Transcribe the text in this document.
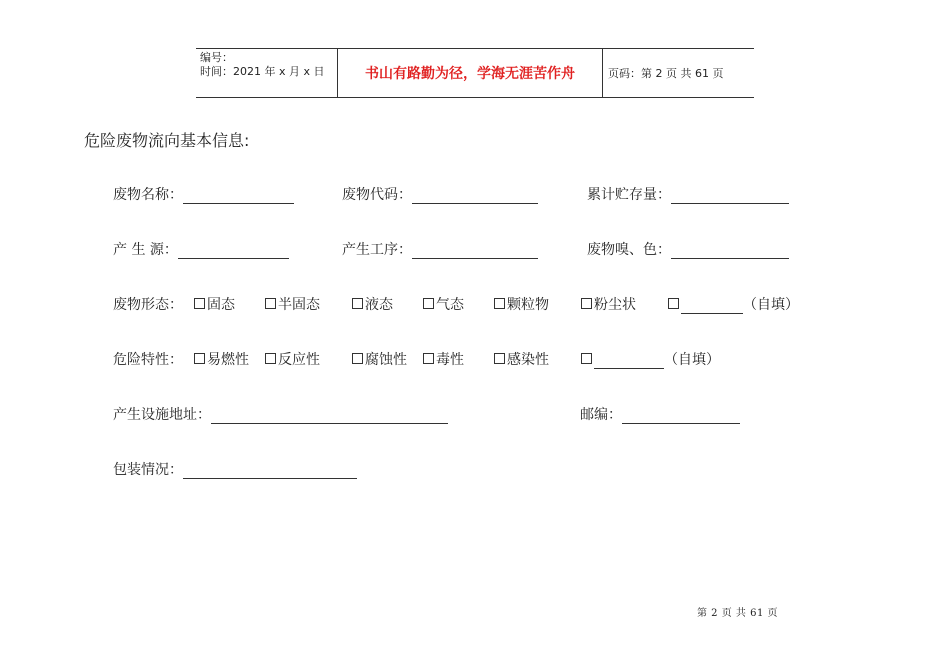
编号：
时间：2021 年 x 月 x 日	书山有路勤为径，学海无涯苦作舟	页码：第 2 页 共 61 页
危险废物流向基本信息:
废物名称：	废物代码：	累计贮存量：
产 生 源：	产生工序：	废物嗅、色：
废物形态：	固态	半固态	液态	气态	颗粒物	粉尘状	（自填）
危险特性：	易燃性	反应性	腐蚀性	毒性	感染性	（自填）
产生设施地址：	邮编：
包装情况：
第 2 页 共 61 页
